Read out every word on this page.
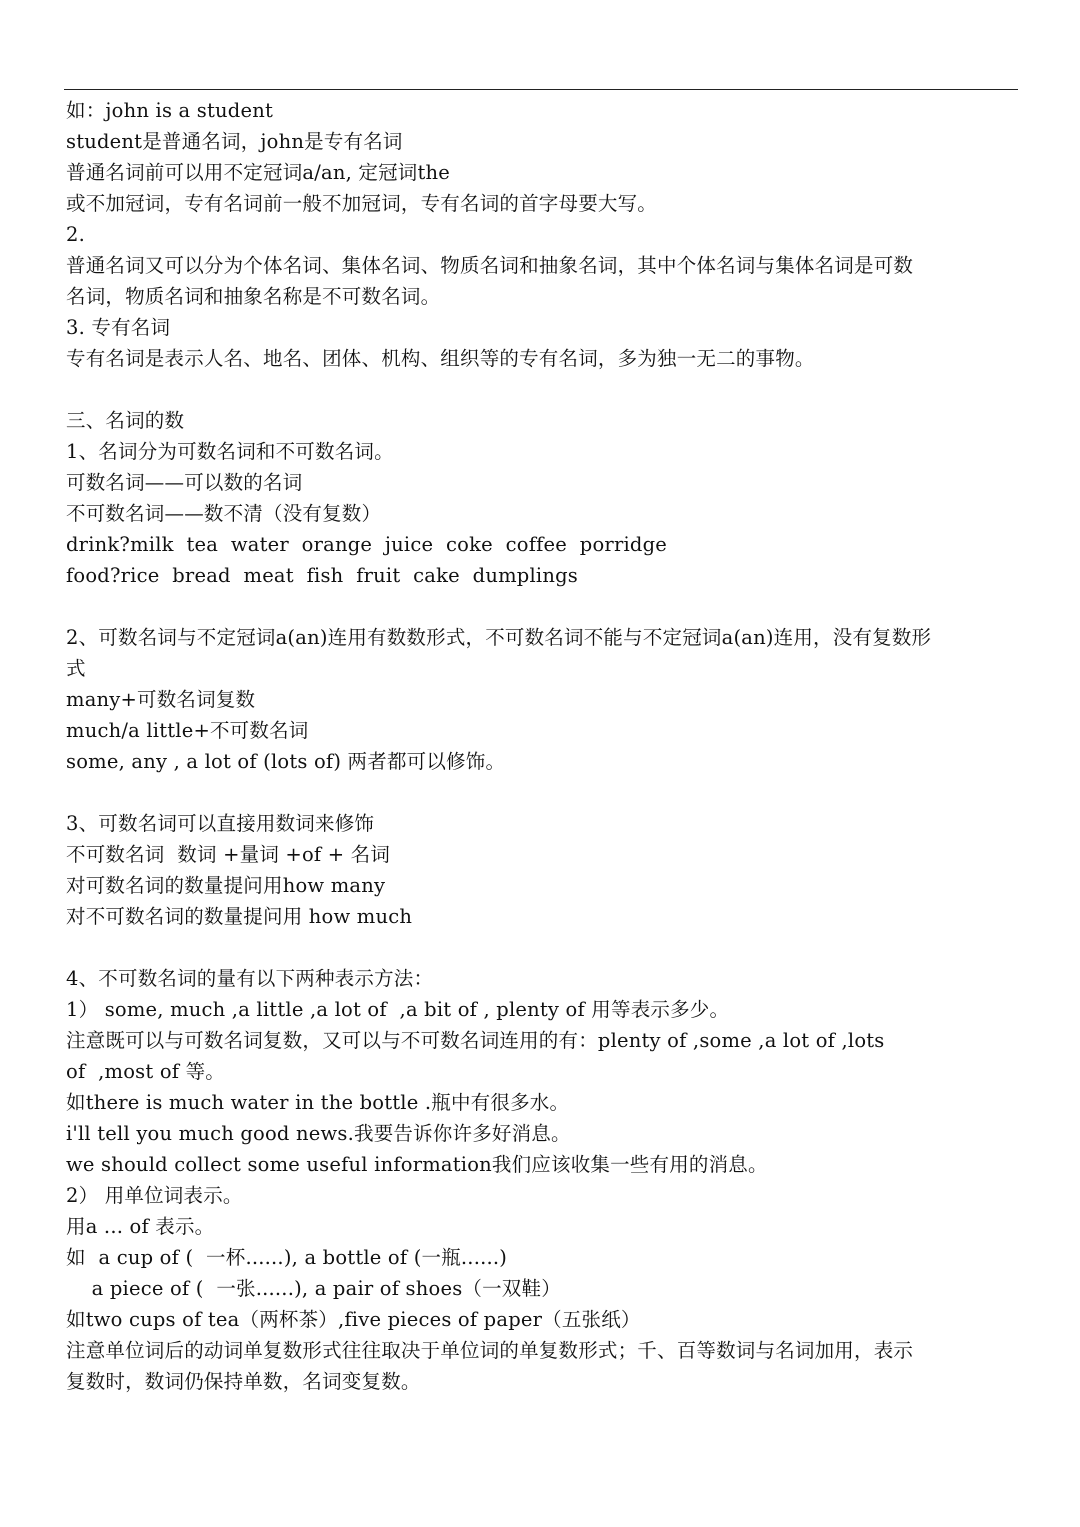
如：john is a student
student是普通名词，john是专有名词
普通名词前可以用不定冠词a/an, 定冠词the
或不加冠词，专有名词前一般不加冠词，专有名词的首字母要大写。
2.
普通名词又可以分为个体名词、集体名词、物质名词和抽象名词，其中个体名词与集体名词是可数
名词，物质名词和抽象名称是不可数名词。
3. 专有名词
专有名词是表示人名、地名、团体、机构、组织等的专有名词，多为独一无二的事物。
三、名词的数
1、名词分为可数名词和不可数名词。
可数名词——可以数的名词
不可数名词——数不清（没有复数）
drink?milk  tea  water  orange  juice  coke  coffee  porridge
food?rice  bread  meat  fish  fruit  cake  dumplings
2、可数名词与不定冠词a(an)连用有数数形式，不可数名词不能与不定冠词a(an)连用，没有复数形
式
many+可数名词复数
much/a little+不可数名词
some, any , a lot of (lots of) 两者都可以修饰。
3、可数名词可以直接用数词来修饰
不可数名词  数词 +量词 +of + 名词
对可数名词的数量提问用how many
对不可数名词的数量提问用 how much
4、不可数名词的量有以下两种表示方法：
1） some, much ,a little ,a lot of  ,a bit of , plenty of 用等表示多少。
注意既可以与可数名词复数，又可以与不可数名词连用的有：plenty of ,some ,a lot of ,lots
of  ,most of 等。
如there is much water in the bottle .瓶中有很多水。
i'll tell you much good news.我要告诉你许多好消息。
we should collect some useful information我们应该收集一些有用的消息。
2） 用单位词表示。
用a ... of 表示。
如  a cup of (  一杯......), a bottle of (一瓶......)
a piece of (  一张......), a pair of shoes（一双鞋）
如two cups of tea（两杯茶）,five pieces of paper（五张纸）
注意单位词后的动词单复数形式往往取决于单位词的单复数形式；千、百等数词与名词加用，表示
复数时，数词仍保持单数，名词变复数。
